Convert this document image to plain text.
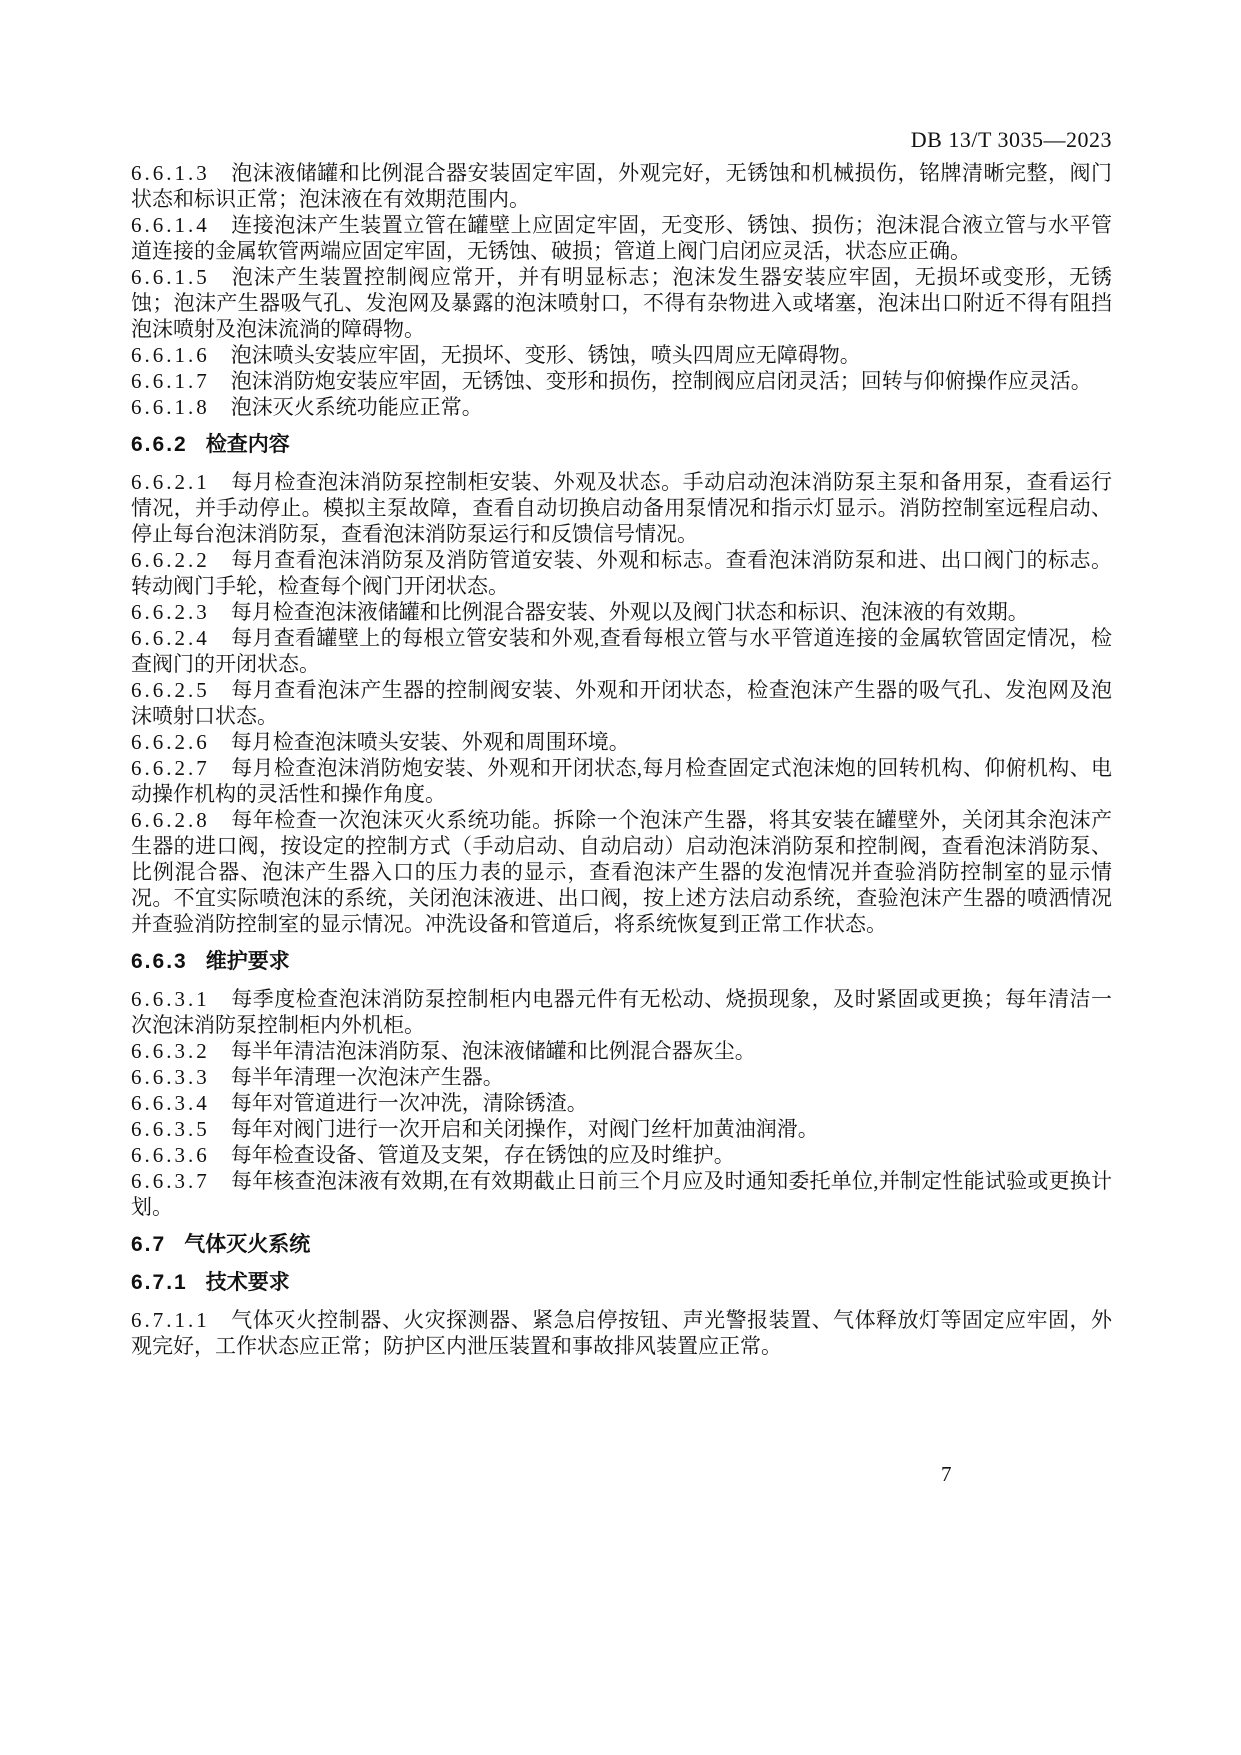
DB 13/T 3035—2023

6.6.1.3 泡沫液储罐和比例混合器安装固定牢固，外观完好，无锈蚀和机械损伤，铭牌清晰完整，阀门状态和标识正常；泡沫液在有效期范围内。

6.6.1.4 连接泡沫产生装置立管在罐壁上应固定牢固，无变形、锈蚀、损伤；泡沫混合液立管与水平管道连接的金属软管两端应固定牢固，无锈蚀、破损；管道上阀门启闭应灵活，状态应正确。

6.6.1.5 泡沫产生装置控制阀应常开，并有明显标志；泡沫发生器安装应牢固，无损坏或变形，无锈蚀；泡沫产生器吸气孔、发泡网及暴露的泡沫喷射口，不得有杂物进入或堵塞，泡沫出口附近不得有阻挡泡沫喷射及泡沫流淌的障碍物。

6.6.1.6 泡沫喷头安装应牢固，无损坏、变形、锈蚀，喷头四周应无障碍物。

6.6.1.7 泡沫消防炮安装应牢固，无锈蚀、变形和损伤，控制阀应启闭灵活；回转与仰俯操作应灵活。

6.6.1.8 泡沫灭火系统功能应正常。

6.6.2 检查内容

6.6.2.1 每月检查泡沫消防泵控制柜安装、外观及状态。手动启动泡沫消防泵主泵和备用泵，查看运行情况，并手动停止。模拟主泵故障，查看自动切换启动备用泵情况和指示灯显示。消防控制室远程启动、停止每台泡沫消防泵，查看泡沫消防泵运行和反馈信号情况。

6.6.2.2 每月查看泡沫消防泵及消防管道安装、外观和标志。查看泡沫消防泵和进、出口阀门的标志。转动阀门手轮，检查每个阀门开闭状态。

6.6.2.3 每月检查泡沫液储罐和比例混合器安装、外观以及阀门状态和标识、泡沫液的有效期。

6.6.2.4 每月查看罐壁上的每根立管安装和外观,查看每根立管与水平管道连接的金属软管固定情况，检查阀门的开闭状态。

6.6.2.5 每月查看泡沫产生器的控制阀安装、外观和开闭状态，检查泡沫产生器的吸气孔、发泡网及泡沫喷射口状态。

6.6.2.6 每月检查泡沫喷头安装、外观和周围环境。

6.6.2.7 每月检查泡沫消防炮安装、外观和开闭状态,每月检查固定式泡沫炮的回转机构、仰俯机构、电动操作机构的灵活性和操作角度。

6.6.2.8 每年检查一次泡沫灭火系统功能。拆除一个泡沫产生器，将其安装在罐壁外，关闭其余泡沫产生器的进口阀，按设定的控制方式（手动启动、自动启动）启动泡沫消防泵和控制阀，查看泡沫消防泵、比例混合器、泡沫产生器入口的压力表的显示，查看泡沫产生器的发泡情况并查验消防控制室的显示情况。不宜实际喷泡沫的系统，关闭泡沫液进、出口阀，按上述方法启动系统，查验泡沫产生器的喷洒情况并查验消防控制室的显示情况。冲洗设备和管道后，将系统恢复到正常工作状态。

6.6.3 维护要求

6.6.3.1 每季度检查泡沫消防泵控制柜内电器元件有无松动、烧损现象，及时紧固或更换；每年清洁一次泡沫消防泵控制柜内外机柜。

6.6.3.2 每半年清洁泡沫消防泵、泡沫液储罐和比例混合器灰尘。

6.6.3.3 每半年清理一次泡沫产生器。

6.6.3.4 每年对管道进行一次冲洗，清除锈渣。

6.6.3.5 每年对阀门进行一次开启和关闭操作，对阀门丝杆加黄油润滑。

6.6.3.6 每年检查设备、管道及支架，存在锈蚀的应及时维护。

6.6.3.7 每年核查泡沫液有效期,在有效期截止日前三个月应及时通知委托单位,并制定性能试验或更换计划。

6.7 气体灭火系统
6.7.1 技术要求

6.7.1.1 气体灭火控制器、火灾探测器、紧急启停按钮、声光警报装置、气体释放灯等固定应牢固，外观完好，工作状态应正常；防护区内泄压装置和事故排风装置应正常。

7
